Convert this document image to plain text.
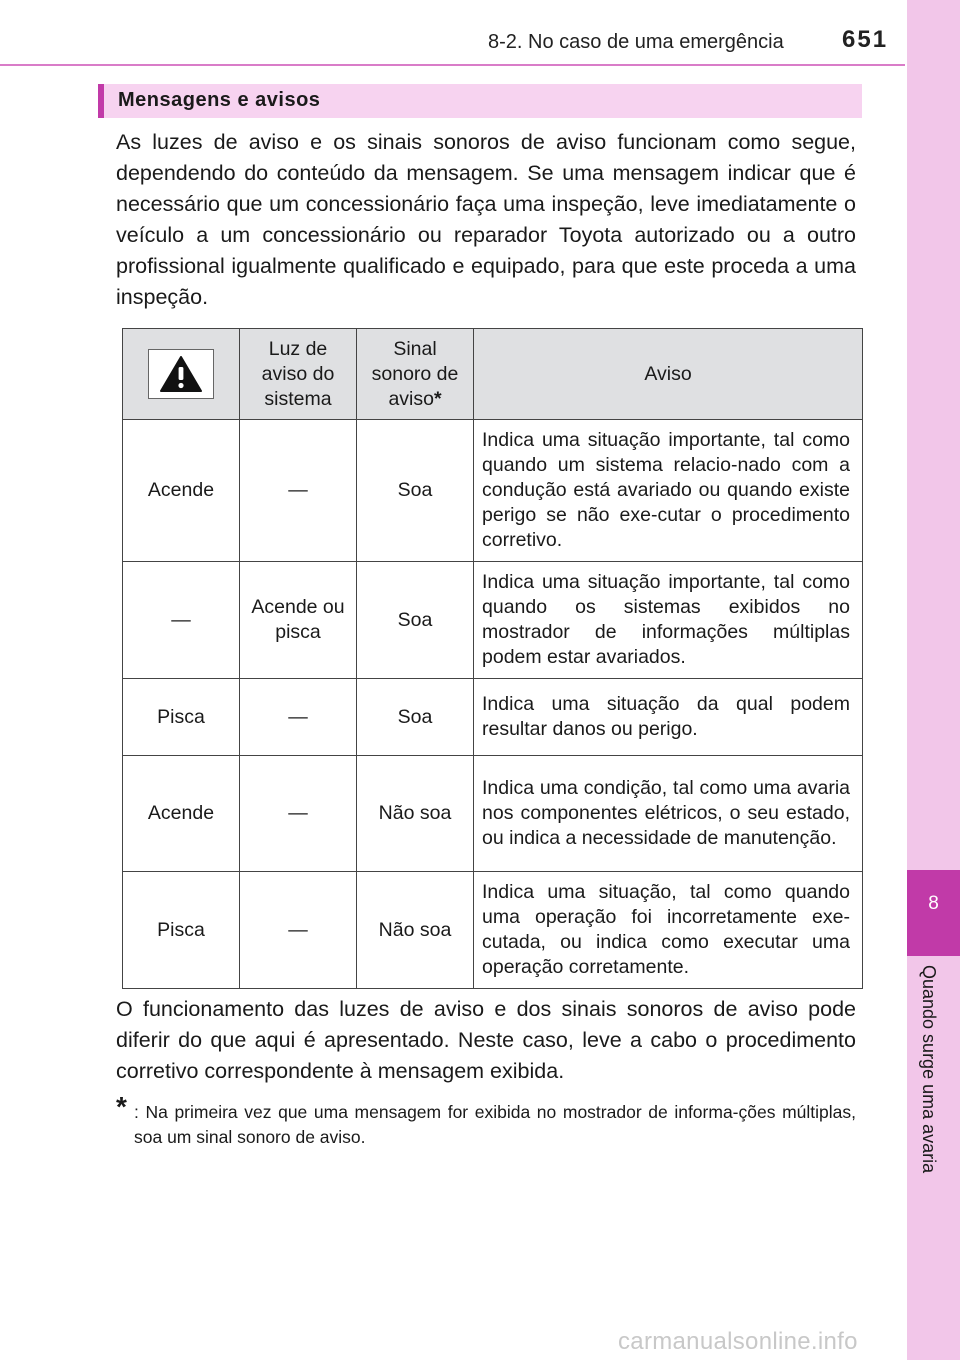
8-2. No caso de uma emergência 651
8
Quando surge uma avaria
Mensagens e avisos

As luzes de aviso e os sinais sonoros de aviso funcionam como segue, dependendo do conteúdo da mensagem. Se uma mensagem indicar que é necessário que um concessionário faça uma inspeção, leve imediatamente o veículo a um concessionário ou reparador Toyota autorizado ou a outro profissional igualmente qualificado e equipado, para que este proceda a uma inspeção.

	Luz de aviso do sistema	Sinal sonoro de aviso*	Aviso
Acende	—	Soa	Indica uma situação importante, tal como quando um sistema relacio-nado com a condução está avariado ou quando existe perigo se não exe-cutar o procedimento corretivo.
—	Acende ou pisca	Soa	Indica uma situação importante, tal como quando os sistemas exibidos no mostrador de informações múltiplas podem estar avariados.
Pisca	—	Soa	Indica uma situação da qual podem resultar danos ou perigo.
Acende	—	Não soa	Indica uma condição, tal como uma avaria nos componentes elétricos, o seu estado, ou indica a necessidade de manutenção.
Pisca	—	Não soa	Indica uma situação, tal como quando uma operação foi incorretamente exe-cutada, ou indica como executar uma operação corretamente.

O funcionamento das luzes de aviso e dos sinais sonoros de aviso pode diferir do que aqui é apresentado. Neste caso, leve a cabo o procedimento corretivo correspondente à mensagem exibida.

* : Na primeira vez que uma mensagem for exibida no mostrador de informa-ções múltiplas, soa um sinal sonoro de aviso.
carmanualsonline.info
